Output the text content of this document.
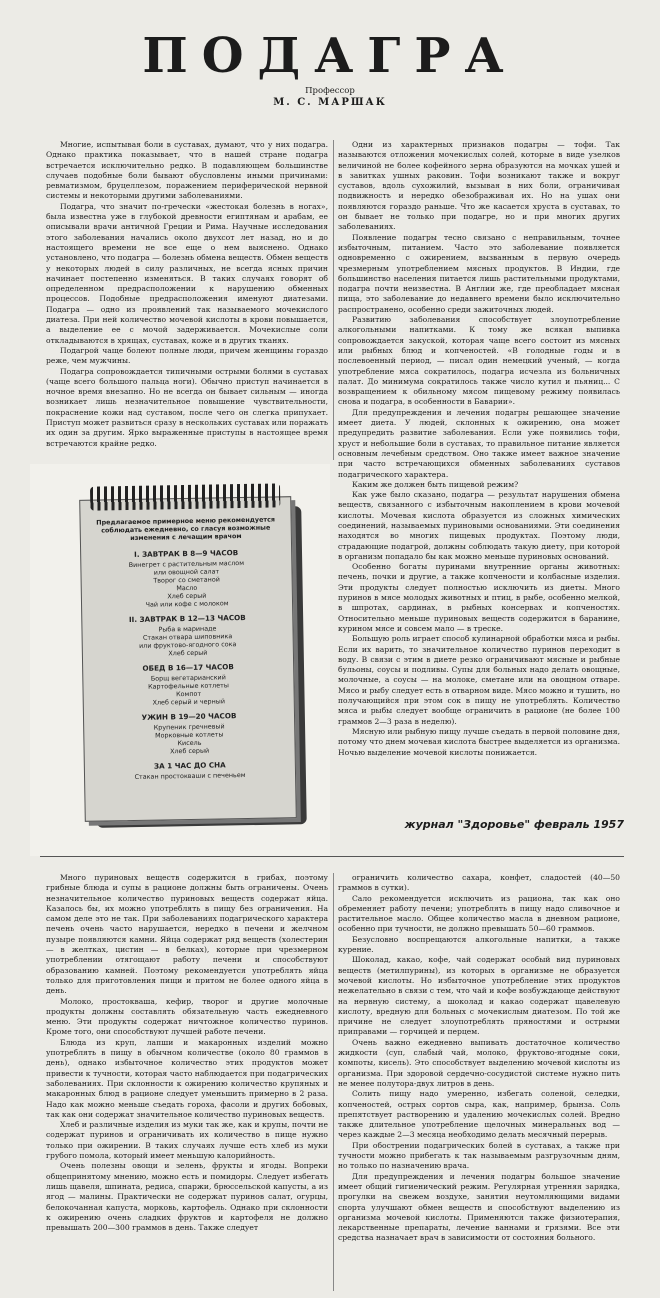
ПОДАГРА
Профессор
М. С. МАРШАК

Многие, испытывая боли в суставах, думают, что у них подагра. Однако практика показывает, что в нашей стране подагра встречается исключительно редко. В подавляющем большинстве случаев подобные боли бывают обусловлены иными причинами: ревматизмом, бруцеллезом, поражением периферической нервной системы и некоторыми другими заболеваниями.

Подагра, что значит по-гречески «жестокая болезнь в ногах», была известна уже в глубокой древности египтянам и арабам, ее описывали врачи античной Греции и Рима. Научные исследования этого заболевания начались около двухсот лет назад, но и до настоящего времени не все еще о нем выяснено. Однако установлено, что подагра — болезнь обмена веществ. Обмен веществ у некоторых людей в силу различных, не всегда ясных причин начинает постепенно изменяться. В таких случаях говорят об определенном предрасположении к нарушению обменных процессов. Подобные предрасположения именуют диатезами. Подагра — одно из проявлений так называемого мочекислого диатеза. При ней количество мочевой кислоты в крови повышается, а выделение ее с мочой задерживается. Мочекислые соли откладываются в хрящах, суставах, коже и в других тканях.

Подагрой чаще болеют полные люди, причем женщины гораздо реже, чем мужчины.

Подагра сопровождается типичными острыми болями в суставах (чаще всего большого пальца ноги). Обычно приступ начинается в ночное время внезапно. Но не всегда он бывает сильным — иногда возникает лишь незначительное повышение чувствительности, покраснение кожи над суставом, после чего он слегка припухает. Приступ может развиться сразу в нескольких суставах или поражать их один за другим. Ярко выраженные приступы в настоящее время встречаются крайне редко.

Одни из характерных признаков подагры — тофи. Так называются отложения мочекислых солей, которые в виде узелков величиной не более кофейного зерна образуются на мочках ушей и в завитках ушных раковин. Тофи возникают также и вокруг суставов, вдоль сухожилий, вызывая в них боли, ограничивая подвижность и нередко обезображивая их. Но на ушах они появляются гораздо раньше. Что же касается хруста в суставах, то он бывает не только при подагре, но и при многих других заболеваниях.

Появление подагры тесно связано с неправильным, точнее избыточным, питанием. Часто это заболевание появляется одновременно с ожирением, вызванным в первую очередь чрезмерным употреблением мясных продуктов. В Индии, где большинство населения питается лишь растительными продуктами, подагра почти неизвестна. В Англии же, где преобладает мясная пища, это заболевание до недавнего времени было исключительно распространено, особенно среди зажиточных людей.

Развитию заболевания способствует злоупотребление алкогольными напитками. К тому же всякая выпивка сопровождается закуской, которая чаще всего состоит из мясных или рыбных блюд и копченостей. «В голодные годы и в послевоенный период, — писал один немецкий ученый, — когда употребление мяса сократилось, подагра исчезла из больничных палат. До минимума сократилось также число кутил и пьяниц... С возвращением к обильному мясом пищевому режиму появилась снова и подагра, в особенности в Баварии».

Для предупреждения и лечения подагры решающее значение имеет диета. У людей, склонных к ожирению, она может предупредить развитие заболевания. Если уже появились тофи, хруст и небольшие боли в суставах, то правильное питание является основным лечебным средством. Оно также имеет важное значение при часто встречающихся обменных заболеваниях суставов подагрического характера.

Каким же должен быть пищевой режим?

Как уже было сказано, подагра — результат нарушения обмена веществ, связанного с избыточным накоплением в крови мочевой кислоты. Мочевая кислота образуется из сложных химических соединений, называемых пуриновыми основаниями. Эти соединения находятся во многих пищевых продуктах. Поэтому люди, страдающие подагрой, должны соблюдать такую диету, при которой в организм попадало бы как можно меньше пуриновых оснований.

Особенно богаты пуринами внутренние органы животных: печень, почки и другие, а также копчености и колбасные изделия. Эти продукты следует полностью исключить из диеты. Много пуринов в мясе молодых животных и птиц, в рыбе, особенно мелкой, в шпротах, сардинах, в рыбных консервах и копченостях. Относительно меньше пуриновых веществ содержится в баранине, курином мясе и совсем мало — в треске.

Большую роль играет способ кулинарной обработки мяса и рыбы. Если их варить, то значительное количество пуринов переходит в воду. В связи с этим в диете резко ограничивают мясные и рыбные бульоны, соусы и подливы. Супы для больных надо делать овощные, молочные, а соусы — на молоке, сметане или на овощном отваре. Мясо и рыбу следует есть в отварном виде. Мясо можно и тушить, но получающийся при этом сок в пищу не употреблять. Количество мяса и рыбы следует вообще ограничить в рационе (не более 100 граммов 2—3 раза в неделю).

Мясную или рыбную пищу лучше съедать в первой половине дня, потому что днем мочевая кислота быстрее выделяется из организма. Ночью выделение мочевой кислоты понижается.

Предлагаемое примерное меню рекомендуется соблюдать ежедневно, со гласуя возможные изменения с лечащим врачом

I. ЗАВТРАК В 8—9 ЧАСОВ

Винегрет с растительным маслом

или овощной салат

Творог со сметаной

Масло

Хлеб серый

Чай или кофе с молоком

II. ЗАВТРАК В 12—13 ЧАСОВ

Рыба в маринаде

Стакан отвара шиповника

или фруктово-ягодного сока

Хлеб серый

ОБЕД В 16—17 ЧАСОВ

Борщ вегетарианский

Картофельные котлеты

Компот

Хлеб серый и черный

УЖИН В 19—20 ЧАСОВ

Крупеник гречневый

Морковные котлеты

Кисель

Хлеб серый

ЗА 1 ЧАС ДО СНА

Стакан простокваши с печеньем

журнал "Здоровье" февраль 1957

Много пуриновых веществ содержится в грибах, поэтому грибные блюда и супы в рационе должны быть ограничены. Очень незначительное количество пуриновых веществ содержат яйца. Казалось бы, их можно употреблять в пищу без ограничения. На самом деле это не так. При заболеваниях подагрического характера печень очень часто нарушается, нередко в печени и желчном пузыре появляются камни. Яйца содержат ряд веществ (холестерин — в желтках, цистин — в белках), которые при чрезмерном употреблении отягощают работу печени и способствуют образованию камней. Поэтому рекомендуется употреблять яйца только для приготовления пищи и притом не более одного яйца в день.

Молоко, простокваша, кефир, творог и другие молочные продукты должны составлять обязательную часть ежедневного меню. Эти продукты содержат ничтожное количество пуринов. Кроме того, они способствуют лучшей работе печени.

Блюда из круп, лапши и макаронных изделий можно употреблять в пищу в обычном количестве (около 80 граммов в день), однако избыточное количество этих продуктов может привести к тучности, которая часто наблюдается при подагрических заболеваниях. При склонности к ожирению количество крупяных и макаронных блюд в рационе следует уменьшить примерно в 2 раза. Надо как можно меньше съедать гороха, фасоли и других бобовых, так как они содержат значительное количество пуриновых веществ.

Хлеб и различные изделия из муки так же, как и крупы, почти не содержат пуринов и ограничивать их количество в пище нужно только при ожирении. В таких случаях лучше есть хлеб из муки грубого помола, который имеет меньшую калорийность.

Очень полезны овощи и зелень, фрукты и ягоды. Вопреки общепринятому мнению, можно есть и помидоры. Следует избегать лишь щавеля, шпината, редиса, спаржи, брюссельской капусты, а из ягод — малины. Практически не содержат пуринов салат, огурцы, белокочанная капуста, морковь, картофель. Однако при склонности к ожирению очень сладких фруктов и картофеля не должно превышать 200—300 граммов в день. Также следует

ограничить количество сахара, конфет, сладостей (40—50 граммов в сутки).

Сало рекомендуется исключить из рациона, так как оно обременяет работу печени; употреблять в пищу надо сливочное и растительное масло. Общее количество масла в дневном рационе, особенно при тучности, не должно превышать 50—60 граммов.

Безусловно воспрещаются алкогольные напитки, а также курение.

Шоколад, какао, кофе, чай содержат особый вид пуриновых веществ (метилпурины), из которых в организме не образуется мочевой кислоты. Но избыточное употребление этих продуктов нежелательно в связи с тем, что чай и кофе возбуждающе действуют на нервную систему, а шоколад и какао содержат щавелевую кислоту, вредную для больных с мочекислым диатезом. По той же причине не следует злоупотреблять пряностями и острыми приправами — горчицей и перцем.

Очень важно ежедневно выпивать достаточное количество жидкости (суп, слабый чай, молоко, фруктово-ягодные соки, компоты, кисель). Это способствует выделению мочевой кислоты из организма. При здоровой сердечно-сосудистой системе нужно пить не менее полутора-двух литров в день.

Солить пищу надо умеренно, избегать соленой, селедки, копченостей, острых сортов сыра, как, например, брынза. Соль препятствует растворению и удалению мочекислых солей. Вредно также длительное употребление щелочных минеральных вод — через каждые 2—3 месяца необходимо делать месячный перерыв.

При обострении подагрических болей в суставах, а также при тучности можно прибегать к так называемым разгрузочным дням, но только по назначению врача.

Для предупреждения и лечения подагры большое значение имеет общий гигиенический режим. Регулярная утренняя зарядка, прогулки на свежем воздухе, занятия неутомляющими видами спорта улучшают обмен веществ и способствуют выделению из организма мочевой кислоты. Применяются также физиотерапия, лекарственные препараты, лечение ваннами и грязями. Все эти средства назначает врач в зависимости от состояния больного.
